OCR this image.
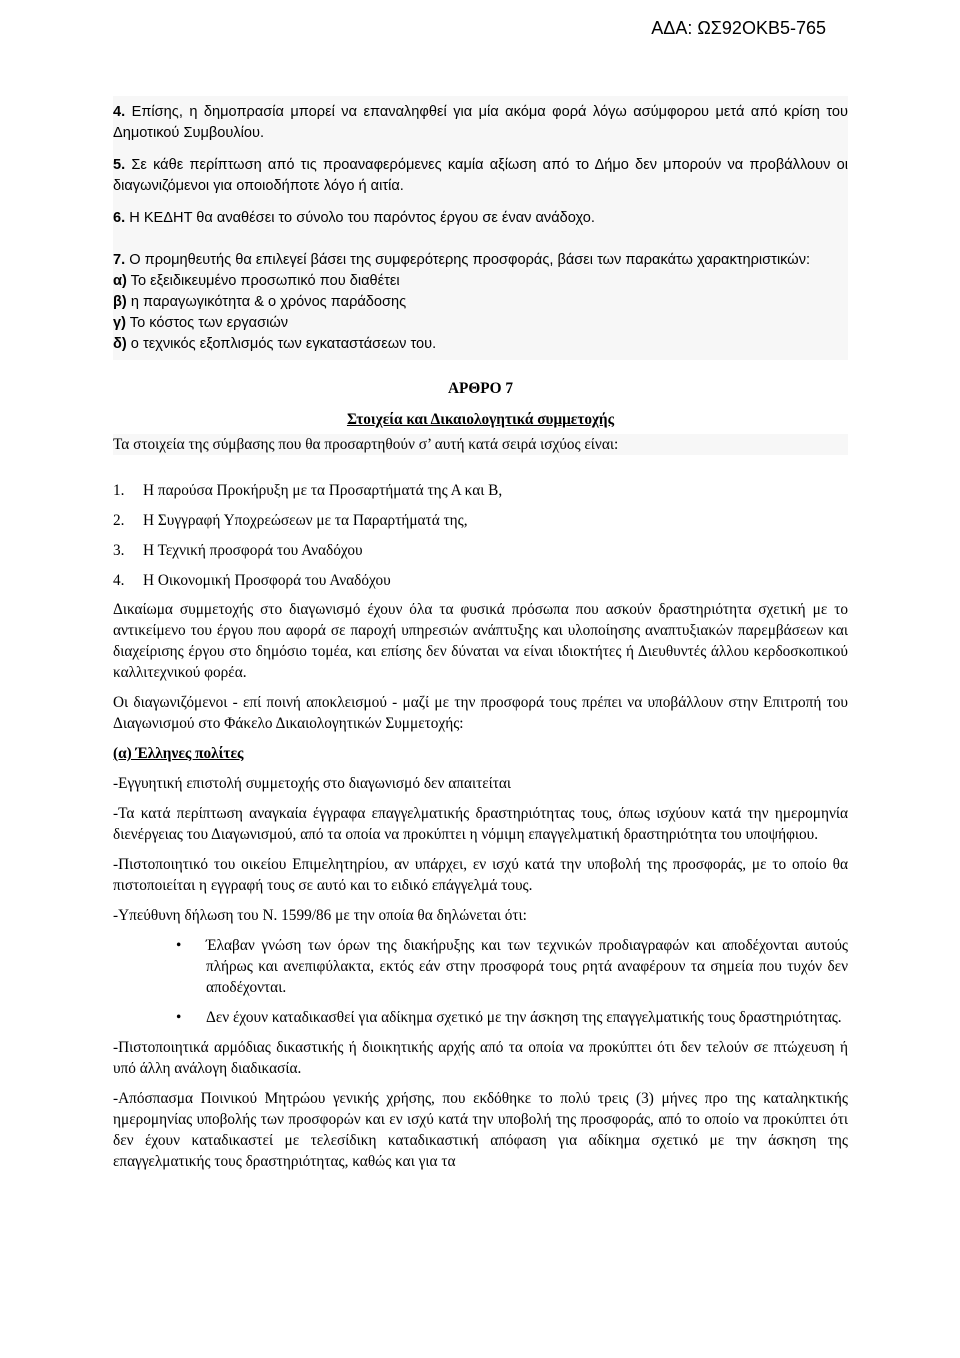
ΑΔΑ: ΩΣ92ΟΚΒ5-765

4. Επίσης, η δημοπρασία μπορεί να επαναληφθεί για μία ακόμα φορά λόγω ασύμφορου μετά από κρίση του Δημοτικού Συμβουλίου.

5. Σε κάθε περίπτωση από τις προαναφερόμενες καμία αξίωση από το Δήμο δεν μπορούν να προβάλλουν οι διαγωνιζόμενοι για οποιοδήποτε λόγο ή αιτία.

6. Η ΚΕΔΗΤ θα αναθέσει το σύνολο του παρόντος έργου σε έναν ανάδοχο.

7. Ο προμηθευτής θα επιλεγεί βάσει της συμφερότερης προσφοράς, βάσει των παρακάτω χαρακτηριστικών:

α) Το εξειδικευμένο προσωπικό που διαθέτει

β) η παραγωγικότητα & ο χρόνος παράδοσης

γ) Το κόστος των εργασιών

δ) ο τεχνικός εξοπλισμός των εγκαταστάσεων του.

ΑΡΘΡΟ 7

Στοιχεία και Δικαιολογητικά συμμετοχής

Τα στοιχεία της σύμβασης που θα προσαρτηθούν σ’ αυτή κατά σειρά ισχύος είναι:

1. Η παρούσα Προκήρυξη με τα Προσαρτήματά της Α και Β,

2. Η Συγγραφή Υποχρεώσεων με τα Παραρτήματά της,

3. Η Τεχνική προσφορά του Αναδόχου

4. Η Οικονομική Προσφορά του Αναδόχου

Δικαίωμα συμμετοχής στο διαγωνισμό έχουν όλα τα φυσικά πρόσωπα που ασκούν δραστηριότητα σχετική με το αντικείμενο του έργου που αφορά σε παροχή υπηρεσιών ανάπτυξης και υλοποίησης αναπτυξιακών παρεμβάσεων και διαχείρισης έργου στο δημόσιο τομέα, και επίσης δεν δύναται να είναι ιδιοκτήτες ή Διευθυντές άλλου κερδοσκοπικού καλλιτεχνικού φορέα.

Οι διαγωνιζόμενοι - επί ποινή αποκλεισμού - μαζί με την προσφορά τους πρέπει να υποβάλλουν στην Επιτροπή του Διαγωνισμού στο Φάκελο Δικαιολογητικών Συμμετοχής:

(α) Έλληνες πολίτες

-Εγγυητική επιστολή συμμετοχής στο διαγωνισμό δεν απαιτείται

-Τα κατά περίπτωση αναγκαία έγγραφα επαγγελματικής δραστηριότητας τους, όπως ισχύουν κατά την ημερομηνία διενέργειας του Διαγωνισμού, από τα οποία να προκύπτει η νόμιμη επαγγελματική δραστηριότητα του υποψήφιου.

-Πιστοποιητικό του οικείου Επιμελητηρίου, αν υπάρχει, εν ισχύ κατά την υποβολή της προσφοράς, με το οποίο θα πιστοποιείται η εγγραφή τους σε αυτό και το ειδικό επάγγελμά τους.

-Υπεύθυνη δήλωση του Ν. 1599/86 με την οποία θα δηλώνεται ότι:

• Έλαβαν γνώση των όρων της διακήρυξης και των τεχνικών προδιαγραφών και αποδέχονται αυτούς πλήρως και ανεπιφύλακτα, εκτός εάν στην προσφορά τους ρητά αναφέρουν τα σημεία που τυχόν δεν αποδέχονται.
• Δεν έχουν καταδικασθεί για αδίκημα σχετικό με την άσκηση της επαγγελματικής τους δραστηριότητας.

-Πιστοποιητικά αρμόδιας δικαστικής ή διοικητικής αρχής από τα οποία να προκύπτει ότι δεν τελούν σε πτώχευση ή υπό άλλη ανάλογη διαδικασία.

-Απόσπασμα Ποινικού Μητρώου γενικής χρήσης, που εκδόθηκε το πολύ τρεις (3) μήνες προ της καταληκτικής ημερομηνίας υποβολής των προσφορών και εν ισχύ κατά την υποβολή της προσφοράς, από το οποίο να προκύπτει ότι δεν έχουν καταδικαστεί με τελεσίδικη καταδικαστική απόφαση για αδίκημα σχετικό με την άσκηση της επαγγελματικής τους δραστηριότητας, καθώς και για τα
